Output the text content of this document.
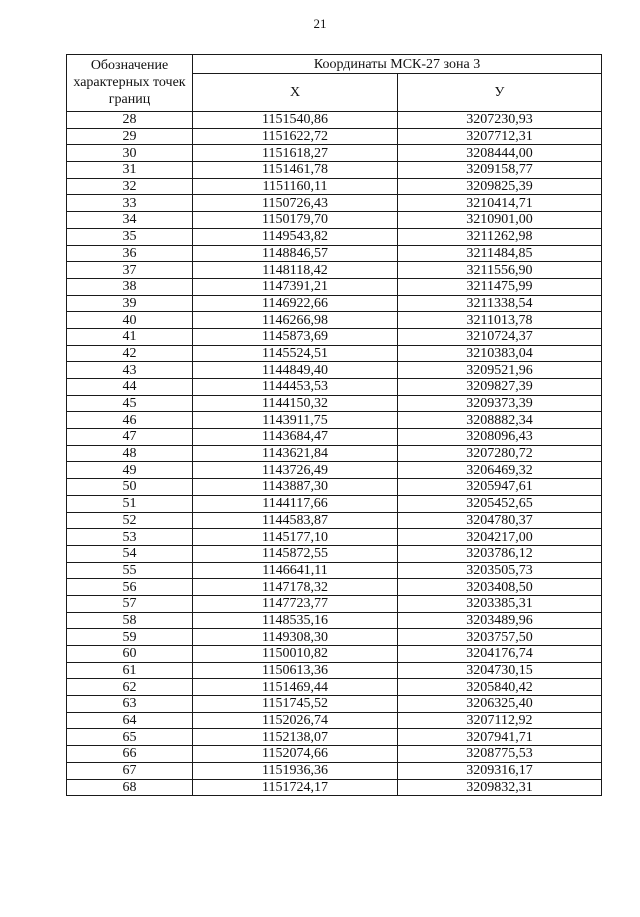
21
Обозначение характерных точек границ	Координаты МСК-27 зона 3	
	X	У
28	1151540,86	3207230,93
29	1151622,72	3207712,31
30	1151618,27	3208444,00
31	1151461,78	3209158,77
32	1151160,11	3209825,39
33	1150726,43	3210414,71
34	1150179,70	3210901,00
35	1149543,82	3211262,98
36	1148846,57	3211484,85
37	1148118,42	3211556,90
38	1147391,21	3211475,99
39	1146922,66	3211338,54
40	1146266,98	3211013,78
41	1145873,69	3210724,37
42	1145524,51	3210383,04
43	1144849,40	3209521,96
44	1144453,53	3209827,39
45	1144150,32	3209373,39
46	1143911,75	3208882,34
47	1143684,47	3208096,43
48	1143621,84	3207280,72
49	1143726,49	3206469,32
50	1143887,30	3205947,61
51	1144117,66	3205452,65
52	1144583,87	3204780,37
53	1145177,10	3204217,00
54	1145872,55	3203786,12
55	1146641,11	3203505,73
56	1147178,32	3203408,50
57	1147723,77	3203385,31
58	1148535,16	3203489,96
59	1149308,30	3203757,50
60	1150010,82	3204176,74
61	1150613,36	3204730,15
62	1151469,44	3205840,42
63	1151745,52	3206325,40
64	1152026,74	3207112,92
65	1152138,07	3207941,71
66	1152074,66	3208775,53
67	1151936,36	3209316,17
68	1151724,17	3209832,31
